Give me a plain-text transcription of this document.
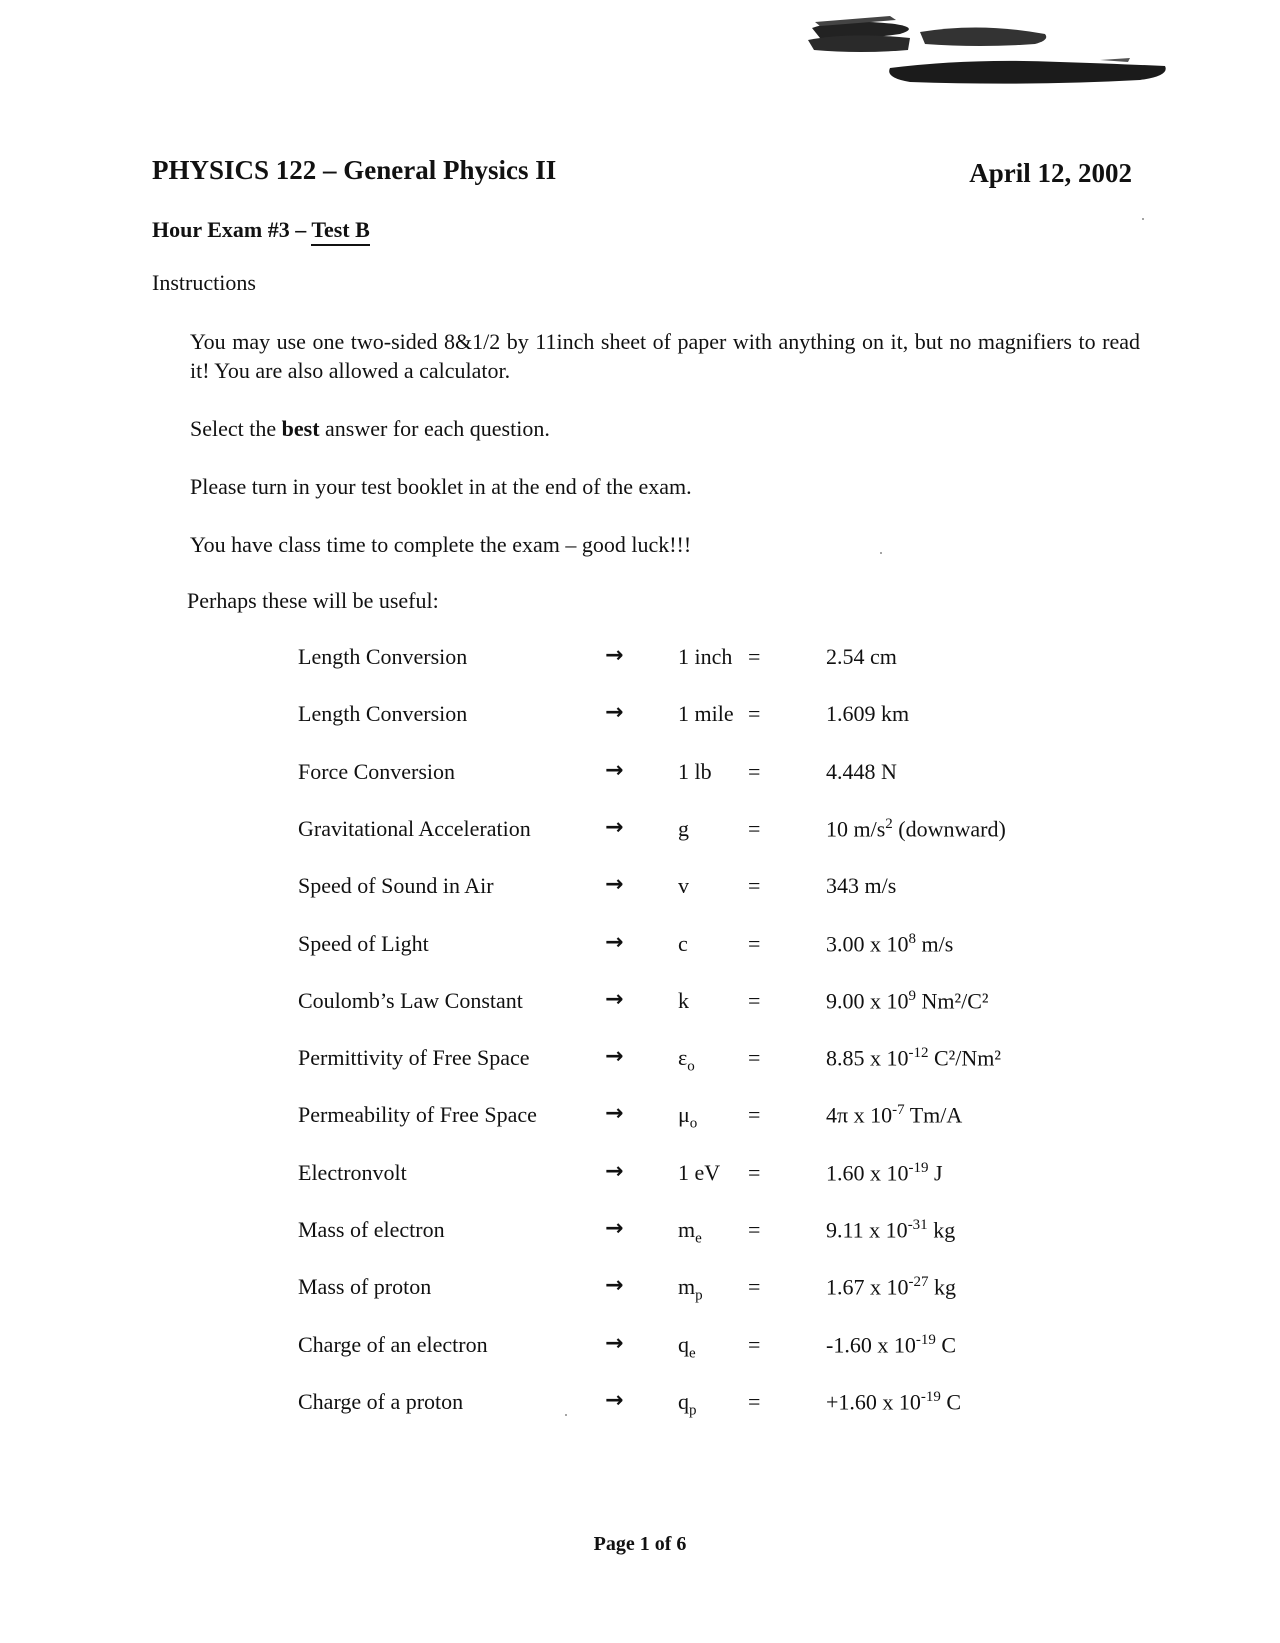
PHYSICS 122 – General Physics II	April 12, 2002
Hour Exam #3 – Test B
Instructions
You may use one two-sided 8&1/2 by 11inch sheet of paper with anything on it, but no magnifiers to read it! You are also allowed a calculator.
Select the best answer for each question.
Please turn in your test booklet in at the end of the exam.
You have class time to complete the exam – good luck!!!
Perhaps these will be useful:
Length Conversion	→ 1 inch =	2.54 cm
Length Conversion	→ 1 mile =	1.609 km
Force Conversion	→ 1 lb =	4.448 N
Gravitational Acceleration	→ g	=	10 $m/s^2$ (downward)
Speed of Sound in Air	→ v	=	343 m/s
Speed of Light	→ c	=	3.00 x $10^8$ m/s
Coulomb’s Law Constant	→ k	=	9.00 x $10^9$ Nm²/C²
Permittivity of Free Space	→ $\varepsilon_o$ =	8.85 x $10^{-12}$ C²/Nm²
Permeability of Free Space	→ $\mu_o$ =	4π x $10^{-7}$ Tm/A
Electronvolt	→ 1 eV =	1.60 x $10^{-19}$ J
Mass of electron	→ $m_e$ =	9.11 x $10^{-31}$ kg
Mass of proton	→ $m_p$ =	1.67 x $10^{-27}$ kg
Charge of an electron	→ $q_e$ =	-1.60 x $10^{-19}$ C
Charge of a proton	→ $q_p$ =	+1.60 x $10^{-19}$ C
Page 1 of 6
